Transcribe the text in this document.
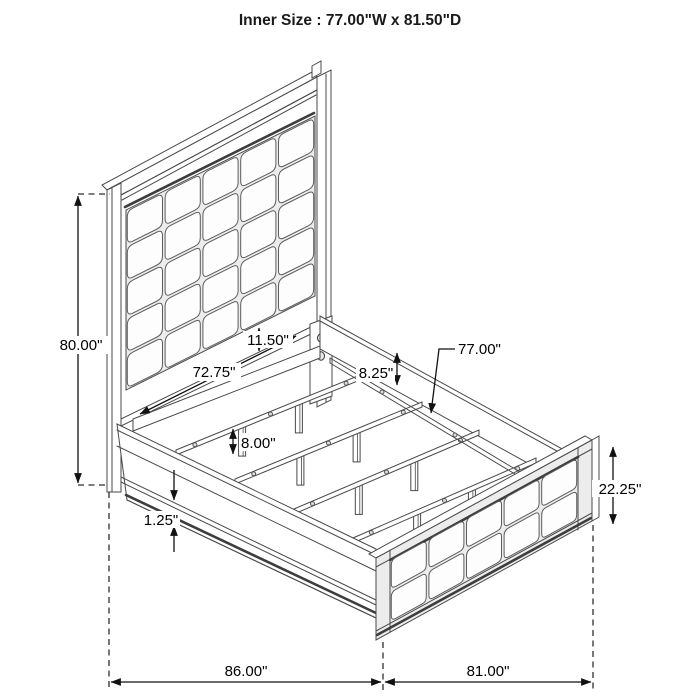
Inner Size : 77.00"W x 81.50"D
80.00"
72.75"
11.50"
8.25"
77.00"
8.00"
1.25"
22.25"
86.00"	81.00"
